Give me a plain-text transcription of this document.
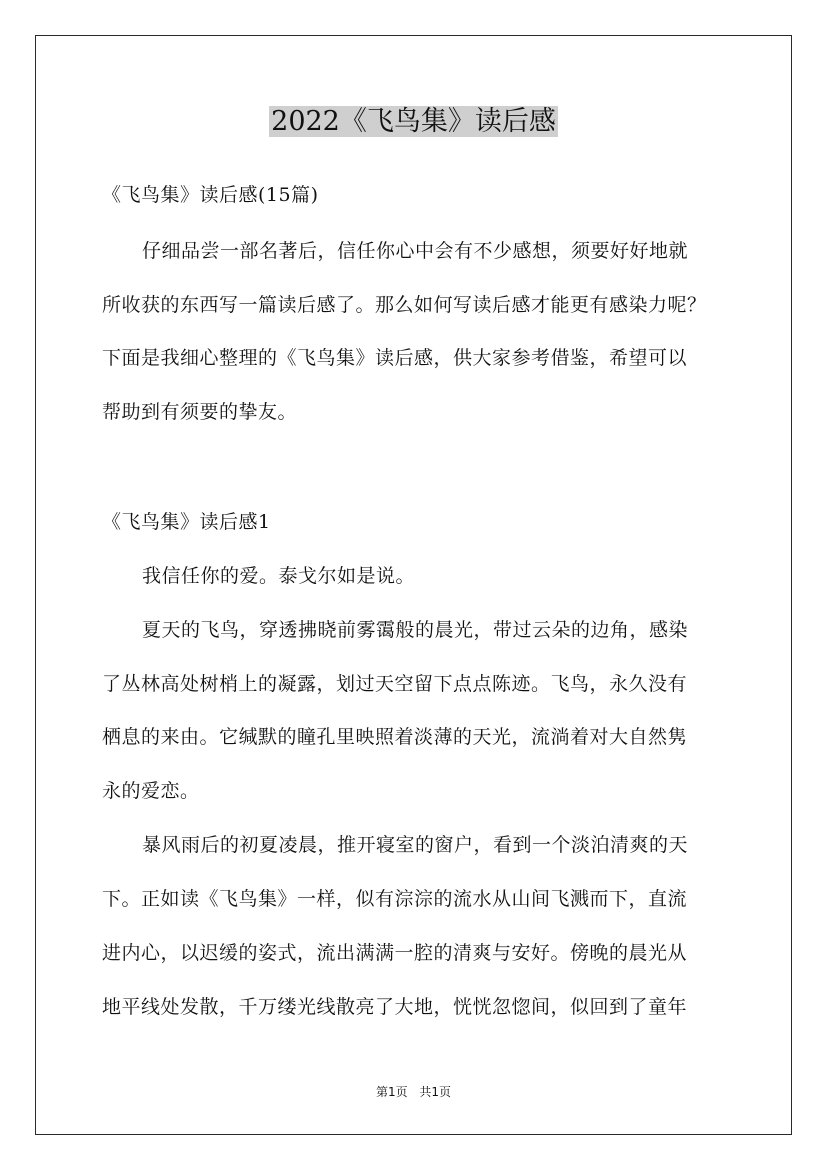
2022《飞鸟集》读后感
《飞鸟集》读后感(15篇)
仔细品尝一部名著后，信任你心中会有不少感想，须要好好地就
所收获的东西写一篇读后感了。那么如何写读后感才能更有感染力呢？
下面是我细心整理的《飞鸟集》读后感，供大家参考借鉴，希望可以
帮助到有须要的挚友。
《飞鸟集》读后感1
我信任你的爱。泰戈尔如是说。
夏天的飞鸟，穿透拂晓前雾霭般的晨光，带过云朵的边角，感染
了丛林高处树梢上的凝露，划过天空留下点点陈迹。飞鸟，永久没有
栖息的来由。它缄默的瞳孔里映照着淡薄的天光，流淌着对大自然隽
永的爱恋。
暴风雨后的初夏凌晨，推开寝室的窗户，看到一个淡泊清爽的天
下。正如读《飞鸟集》一样，似有淙淙的流水从山间飞溅而下，直流
进内心，以迟缓的姿式，流出满满一腔的清爽与安好。傍晚的晨光从
地平线处发散，千万缕光线散亮了大地，恍恍忽惚间，似回到了童年
第1页 共1页
